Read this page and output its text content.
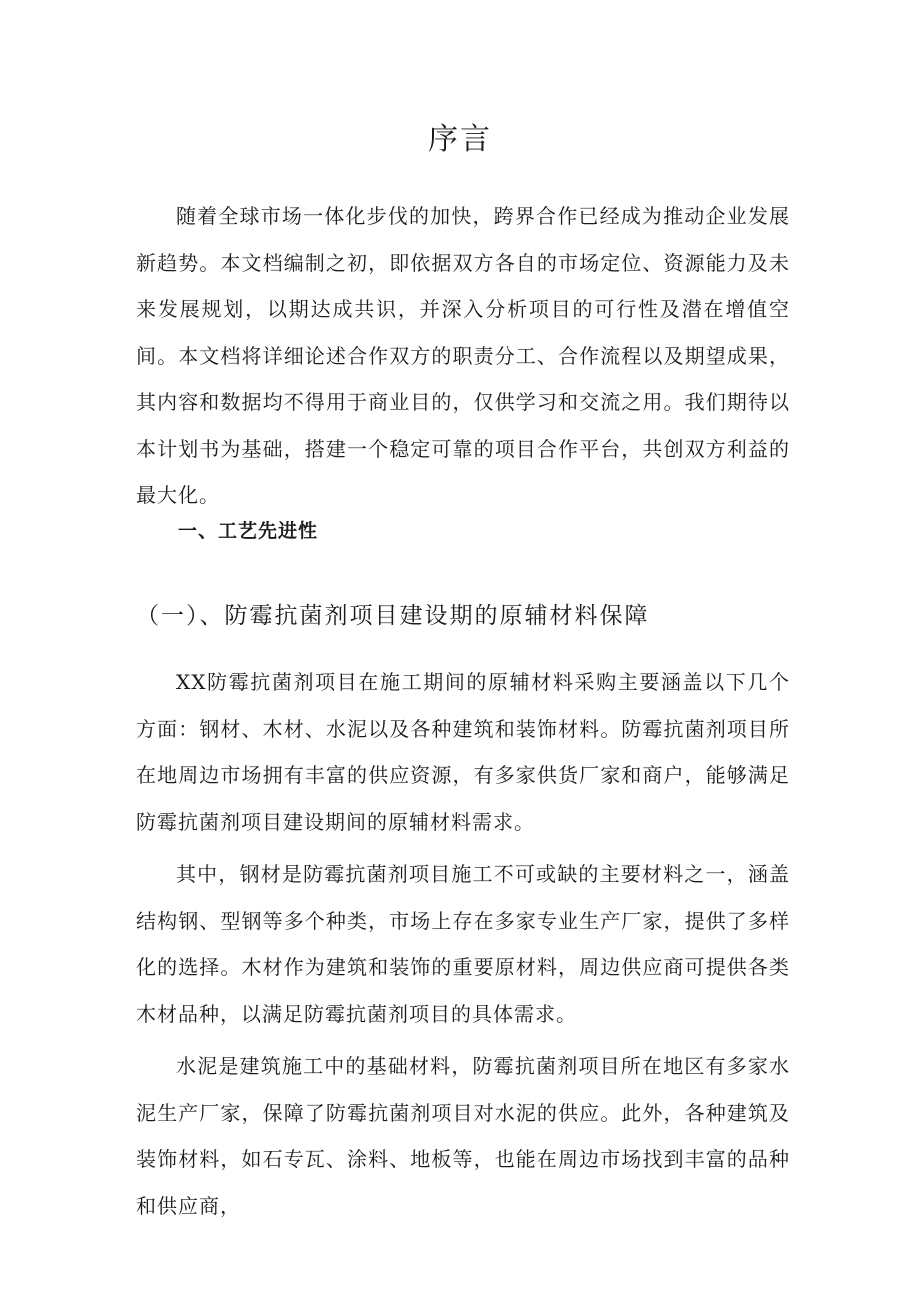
序言

随着全球市场一体化步伐的加快，跨界合作已经成为推动企业发展新趋势。本文档编制之初，即依据双方各自的市场定位、资源能力及未来发展规划，以期达成共识，并深入分析项目的可行性及潜在增值空间。本文档将详细论述合作双方的职责分工、合作流程以及期望成果，其内容和数据均不得用于商业目的，仅供学习和交流之用。我们期待以本计划书为基础，搭建一个稳定可靠的项目合作平台，共创双方利益的最大化。

一、工艺先进性
（一）、防霉抗菌剂项目建设期的原辅材料保障

XX防霉抗菌剂项目在施工期间的原辅材料采购主要涵盖以下几个方面：钢材、木材、水泥以及各种建筑和装饰材料。防霉抗菌剂项目所在地周边市场拥有丰富的供应资源，有多家供货厂家和商户，能够满足防霉抗菌剂项目建设期间的原辅材料需求。

其中，钢材是防霉抗菌剂项目施工不可或缺的主要材料之一，涵盖结构钢、型钢等多个种类，市场上存在多家专业生产厂家，提供了多样化的选择。木材作为建筑和装饰的重要原材料，周边供应商可提供各类木材品种，以满足防霉抗菌剂项目的具体需求。

水泥是建筑施工中的基础材料，防霉抗菌剂项目所在地区有多家水泥生产厂家，保障了防霉抗菌剂项目对水泥的供应。此外，各种建筑及装饰材料，如石专瓦、涂料、地板等，也能在周边市场找到丰富的品种和供应商，
